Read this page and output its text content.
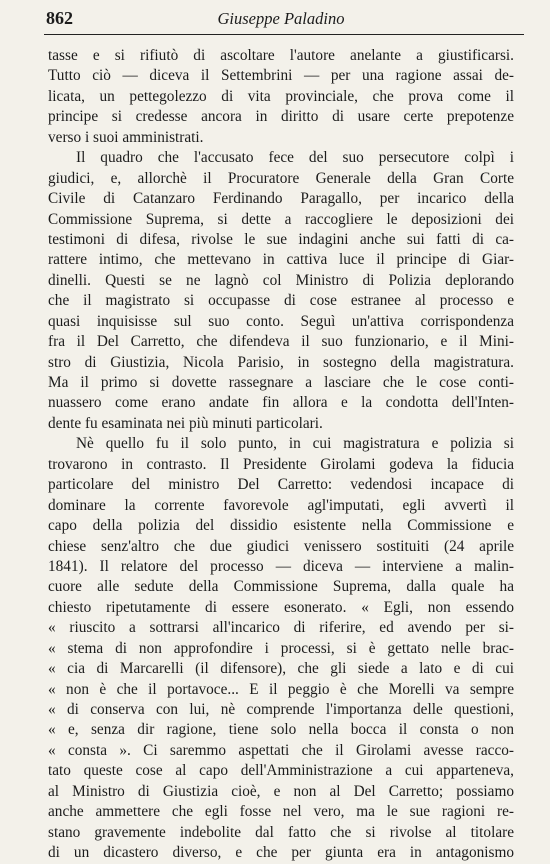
862	Giuseppe Paladino
tasse e si rifiutò di ascoltare l'autore anelante a giustificarsi.
Tutto ciò — diceva il Settembrini — per una ragione assai de-
licata, un pettegolezzo di vita provinciale, che prova come il
principe si credesse ancora in diritto di usare certe prepotenze
verso i suoi amministrati.
Il quadro che l'accusato fece del suo persecutore colpì i
giudici, e, allorchè il Procuratore Generale della Gran Corte
Civile di Catanzaro Ferdinando Paragallo, per incarico della
Commissione Suprema, si dette a raccogliere le deposizioni dei
testimoni di difesa, rivolse le sue indagini anche sui fatti di ca-
rattere intimo, che mettevano in cattiva luce il principe di Giar-
dinelli. Questi se ne lagnò col Ministro di Polizia deplorando
che il magistrato si occupasse di cose estranee al processo e
quasi inquisisse sul suo conto. Seguì un'attiva corrispondenza
fra il Del Carretto, che difendeva il suo funzionario, e il Mini-
stro di Giustizia, Nicola Parisio, in sostegno della magistratura.
Ma il primo si dovette rassegnare a lasciare che le cose conti-
nuassero come erano andate fin allora e la condotta dell'Inten-
dente fu esaminata nei più minuti particolari.
Nè quello fu il solo punto, in cui magistratura e polizia si
trovarono in contrasto. Il Presidente Girolami godeva la fiducia
particolare del ministro Del Carretto: vedendosi incapace di
dominare la corrente favorevole agl'imputati, egli avvertì il
capo della polizia del dissidio esistente nella Commissione e
chiese senz'altro che due giudici venissero sostituiti (24 aprile
1841). Il relatore del processo — diceva — interviene a malin-
cuore alle sedute della Commissione Suprema, dalla quale ha
chiesto ripetutamente di essere esonerato. « Egli, non essendo
« riuscito a sottrarsi all'incarico di riferire, ed avendo per si-
« stema di non approfondire i processi, si è gettato nelle brac-
« cia di Marcarelli (il difensore), che gli siede a lato e di cui
« non è che il portavoce... E il peggio è che Morelli va sempre
« di conserva con lui, nè comprende l'importanza delle questioni,
« e, senza dir ragione, tiene solo nella bocca il consta o non
« consta ». Ci saremmo aspettati che il Girolami avesse racco-
tato queste cose al capo dell'Amministrazione a cui apparteneva,
al Ministro di Giustizia cioè, e non al Del Carretto; possiamo
anche ammettere che egli fosse nel vero, ma le sue ragioni re-
stano gravemente indebolite dal fatto che si rivolse al titolare
di un dicastero diverso, e che per giunta era in antagonismo
